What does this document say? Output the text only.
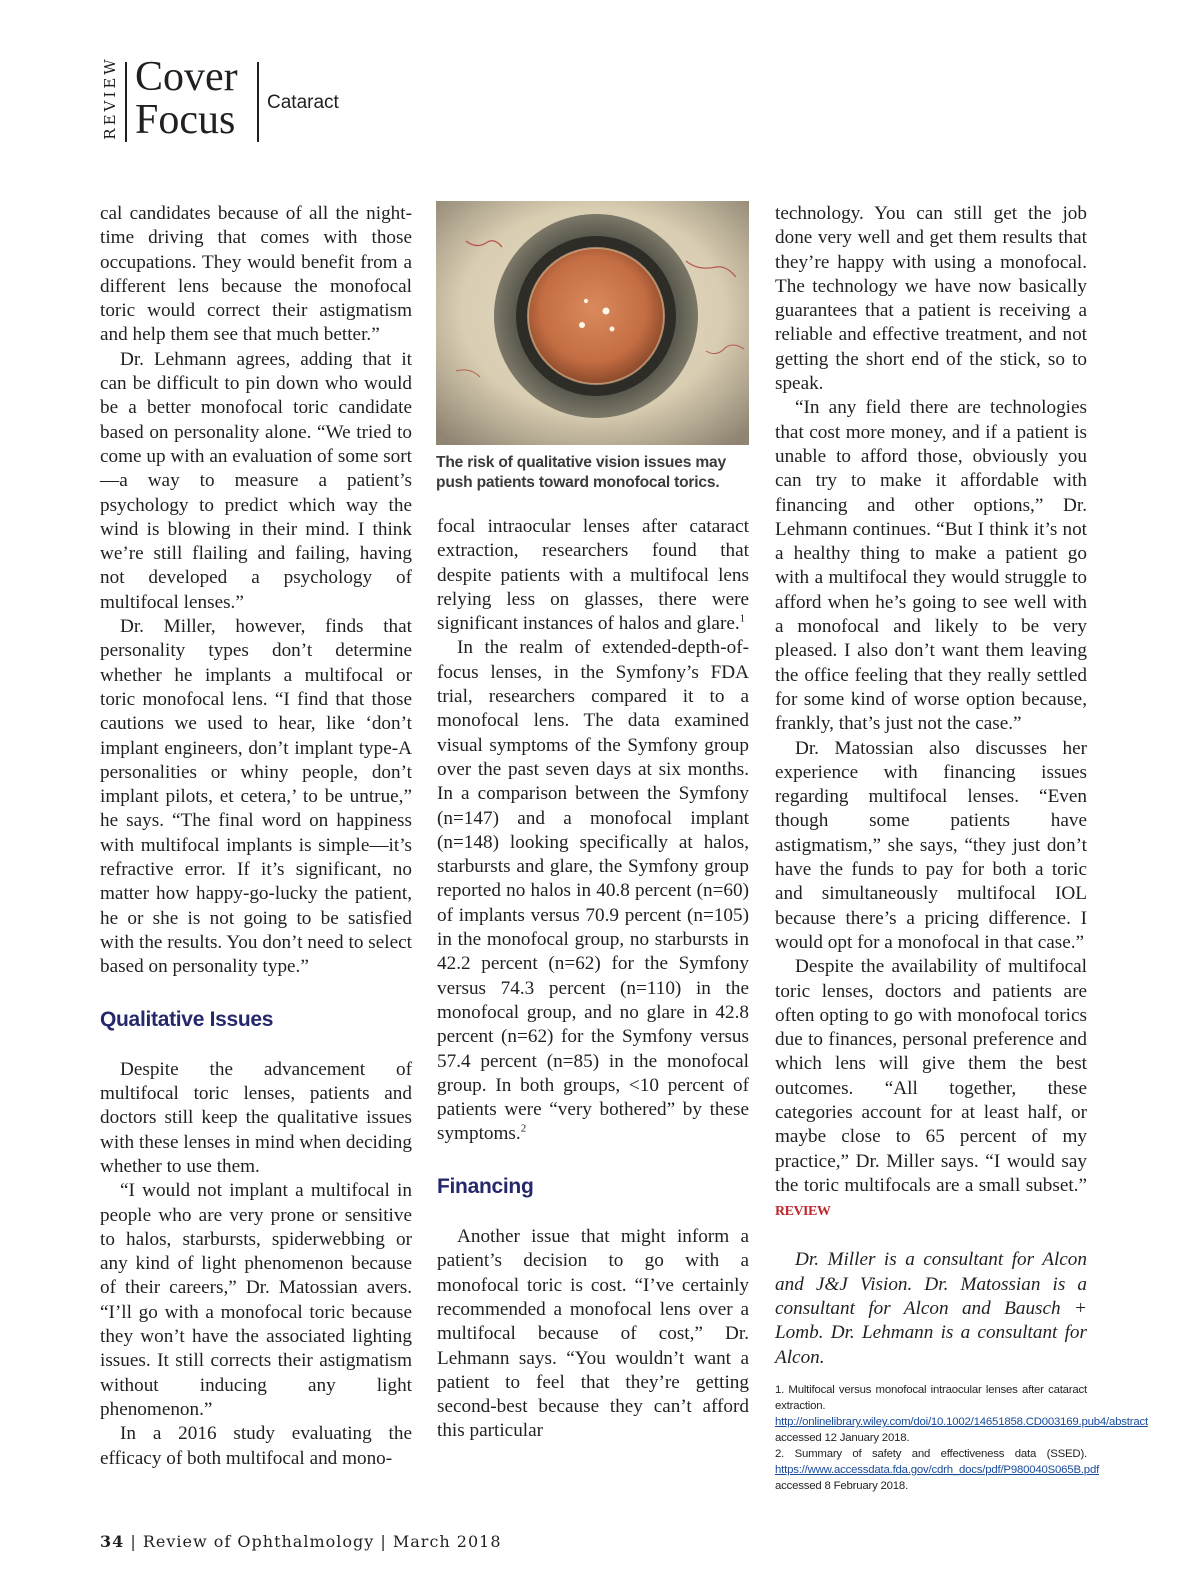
REVIEW Cover
Focus Cataract

cal candidates because of all the night-time driving that comes with those occupations. They would benefit from a different lens because the monofocal toric would correct their astigmatism and help them see that much better.”

Dr. Lehmann agrees, adding that it can be difficult to pin down who would be a better monofocal toric candidate based on personality alone. “We tried to come up with an evaluation of some sort—a way to measure a patient’s psychology to predict which way the wind is blowing in their mind. I think we’re still flailing and failing, having not developed a psychology of multifocal lenses.”

Dr. Miller, however, finds that personality types don’t determine whether he implants a multifocal or toric monofocal lens. “I find that those cautions we used to hear, like ‘don’t implant engineers, don’t implant type-A personalities or whiny people, don’t implant pilots, et cetera,’ to be untrue,” he says. “The final word on happiness with multifocal implants is simple—it’s refractive error. If it’s significant, no matter how happy-go-lucky the patient, he or she is not going to be satisfied with the results. You don’t need to select based on personality type.”

Qualitative Issues

Despite the advancement of multifocal toric lenses, patients and doctors still keep the qualitative issues with these lenses in mind when deciding whether to use them.

“I would not implant a multifocal in people who are very prone or sensitive to halos, starbursts, spiderwebbing or any kind of light phenomenon because of their careers,” Dr. Matossian avers. “I’ll go with a monofocal toric because they won’t have the associated lighting issues. It still corrects their astigmatism without inducing any light phenomenon.”

In a 2016 study evaluating the efficacy of both multifocal and mono-

The risk of qualitative vision issues may push patients toward monofocal torics.

focal intraocular lenses after cataract extraction, researchers found that despite patients with a multifocal lens relying less on glasses, there were significant instances of halos and glare.$^1$

In the realm of extended-depth-of-focus lenses, in the Symfony’s FDA trial, researchers compared it to a monofocal lens. The data examined visual symptoms of the Symfony group over the past seven days at six months. In a comparison between the Symfony (n=147) and a monofocal implant (n=148) looking specifically at halos, starbursts and glare, the Symfony group reported no halos in 40.8 percent (n=60) of implants versus 70.9 percent (n=105) in the monofocal group, no starbursts in 42.2 percent (n=62) for the Symfony versus 74.3 percent (n=110) in the monofocal group, and no glare in 42.8 percent (n=62) for the Symfony versus 57.4 percent (n=85) in the monofocal group. In both groups, <10 percent of patients were “very bothered” by these symptoms.$^2$

Financing

Another issue that might inform a patient’s decision to go with a monofocal toric is cost. “I’ve certainly recommended a monofocal lens over a multifocal because of cost,” Dr. Lehmann says. “You wouldn’t want a patient to feel that they’re getting second-best because they can’t afford this particular

technology. You can still get the job done very well and get them results that they’re happy with using a monofocal. The technology we have now basically guarantees that a patient is receiving a reliable and effective treatment, and not getting the short end of the stick, so to speak.

“In any field there are technologies that cost more money, and if a patient is unable to afford those, obviously you can try to make it affordable with financing and other options,” Dr. Lehmann continues. “But I think it’s not a healthy thing to make a patient go with a multifocal they would struggle to afford when he’s going to see well with a monofocal and likely to be very pleased. I also don’t want them leaving the office feeling that they really settled for some kind of worse option because, frankly, that’s just not the case.”

Dr. Matossian also discusses her experience with financing issues regarding multifocal lenses. “Even though some patients have astigmatism,” she says, “they just don’t have the funds to pay for both a toric and simultaneously multifocal IOL because there’s a pricing difference. I would opt for a monofocal in that case.”

Despite the availability of multifocal toric lenses, doctors and patients are often opting to go with monofocal torics due to finances, personal preference and which lens will give them the best outcomes. “All together, these categories account for at least half, or maybe close to 65 percent of my practice,” Dr. Miller says. “I would say the toric multifocals are a small subset.” REVIEW

Dr. Miller is a consultant for Alcon and J&J Vision. Dr. Matossian is a consultant for Alcon and Bausch + Lomb. Dr. Lehmann is a consultant for Alcon.

1. Multifocal versus monofocal intraocular lenses after cataract extraction. http://onlinelibrary.wiley.com/doi/10.1002/14651858.CD003169.pub4/abstract accessed 12 January 2018.

2. Summary of safety and effectiveness data (SSED). https://www.accessdata.fda.gov/cdrh_docs/pdf/P980040S065B.pdf accessed 8 February 2018.

34 | Review of Ophthalmology | March 2018
